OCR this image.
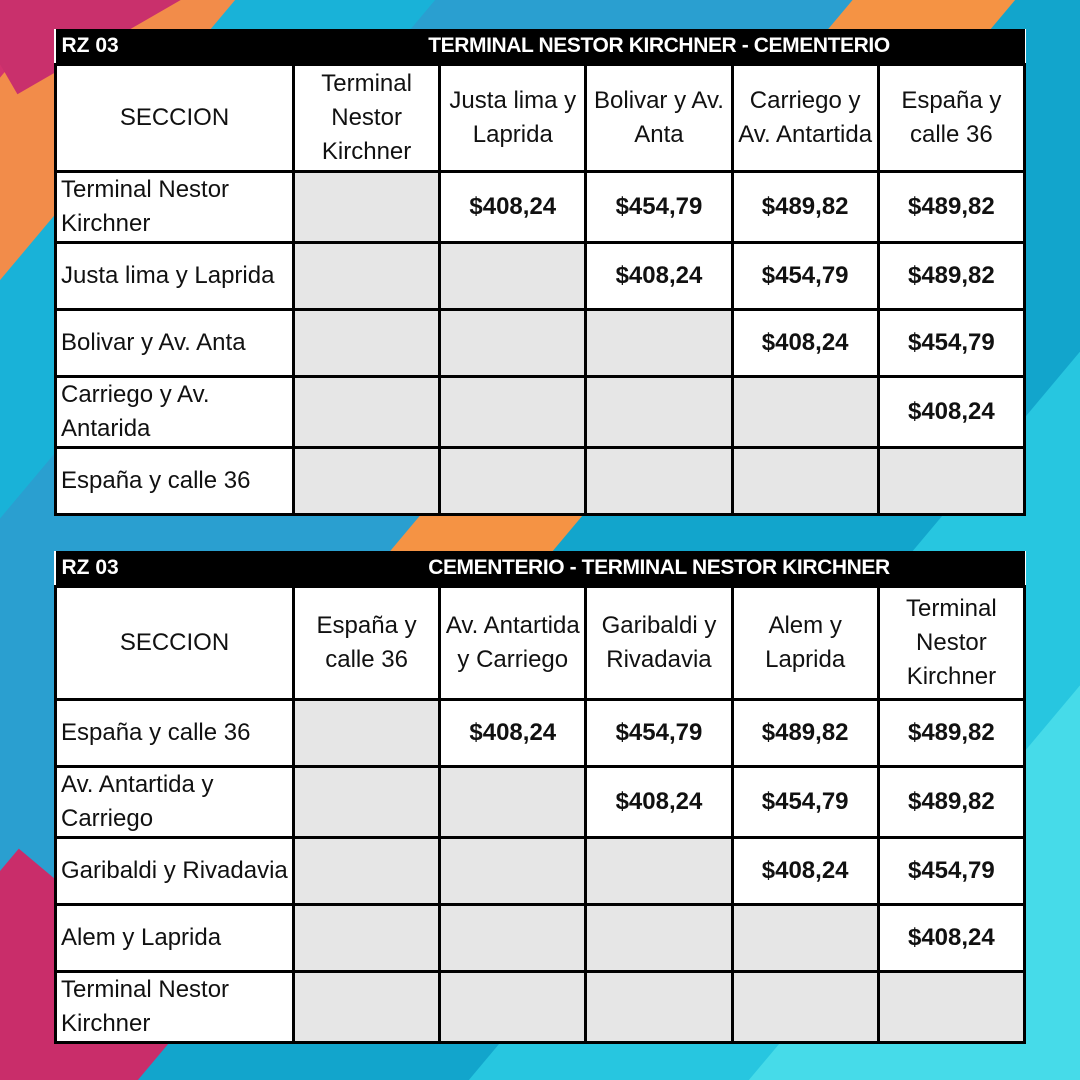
RZ 03	TERMINAL NESTOR KIRCHNER - CEMENTERIO				
SECCION	Terminal Nestor Kirchner	Justa lima y Laprida	Bolivar y Av. Anta	Carriego y Av. Antartida	España y calle 36
Terminal Nestor Kirchner		$408,24	$454,79	$489,82	$489,82
Justa lima y Laprida			$408,24	$454,79	$489,82
Bolivar y Av. Anta				$408,24	$454,79
Carriego y Av. Antarida					$408,24
España y calle 36					
RZ 03	CEMENTERIO - TERMINAL NESTOR KIRCHNER				
SECCION	España y calle 36	Av. Antartida y Carriego	Garibaldi y Rivadavia	Alem y Laprida	Terminal Nestor Kirchner
España y calle 36		$408,24	$454,79	$489,82	$489,82
Av. Antartida y Carriego			$408,24	$454,79	$489,82
Garibaldi y Rivadavia				$408,24	$454,79
Alem y Laprida					$408,24
Terminal Nestor Kirchner					
